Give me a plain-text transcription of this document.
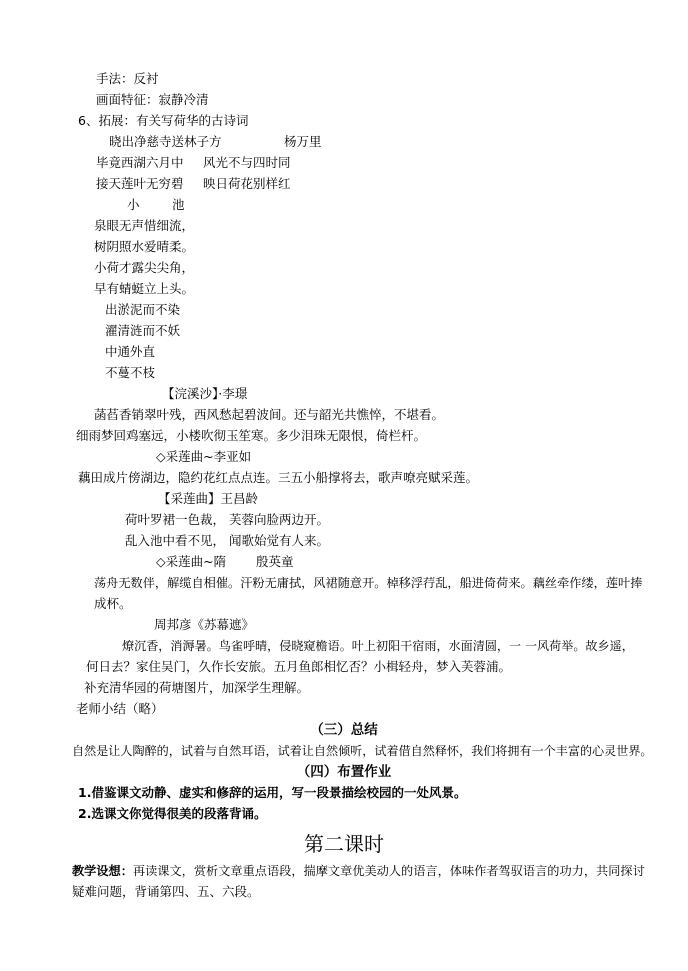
手法：反衬
画面特征：寂静冷清
6、拓展：有关写荷华的古诗词
晓出净慈寺送林子方	杨万里
毕竟西湖六月中 风光不与四时同
接天莲叶无穷碧 映日荷花别样红
小	池
泉眼无声惜细流，
树阴照水爱晴柔。
小荷才露尖尖角，
早有蜻蜓立上头。
出淤泥而不染
濯清涟而不妖
中通外直
不蔓不枝
【浣溪沙】·李璟
菡萏香销翠叶残，西风愁起碧波间。还与韶光共憔悴，不堪看。
细雨梦回鸡塞远，小楼吹彻玉笙寒。多少泪珠无限恨，倚栏杆。
◇采莲曲~李亚如
藕田成片傍湖边，隐约花红点点连。三五小船撑将去，歌声嘹亮赋采莲。
【采莲曲】王昌龄
荷叶罗裙一色裁， 芙蓉向脸两边开。
乱入池中看不见， 闻歌始觉有人来。
◇采莲曲~隋 殷英童
荡舟无数伴，解缆自相催。汗粉无庸拭，风裙随意开。棹移浮荇乱，船进倚荷来。藕丝牵作缕，莲叶捧
成杯。
周邦彦《苏幕遮》
燎沉香，消溽暑。鸟雀呼晴，侵晓窥檐语。叶上初阳干宿雨，水面清圆，一 一风荷举。故乡遥，
何日去？家住吴门，久作长安旅。五月鱼郎相忆否？小楫轻舟，梦入芙蓉浦。
补充清华园的荷塘图片，加深学生理解。
老师小结（略）
（三）总结
自然是让人陶醉的，试着与自然耳语，试着让自然倾听，试着借自然释怀，我们将拥有一个丰富的心灵世界。
（四）布置作业
1.借鉴课文动静、虚实和修辞的运用，写一段景描绘校园的一处风景。
2.选课文你觉得很美的段落背诵。
第二课时
教学设想：再读课文，赏析文章重点语段，揣摩文章优美动人的语言，体味作者驾驭语言的功力，共同探讨
疑难问题，背诵第四、五、六段。
